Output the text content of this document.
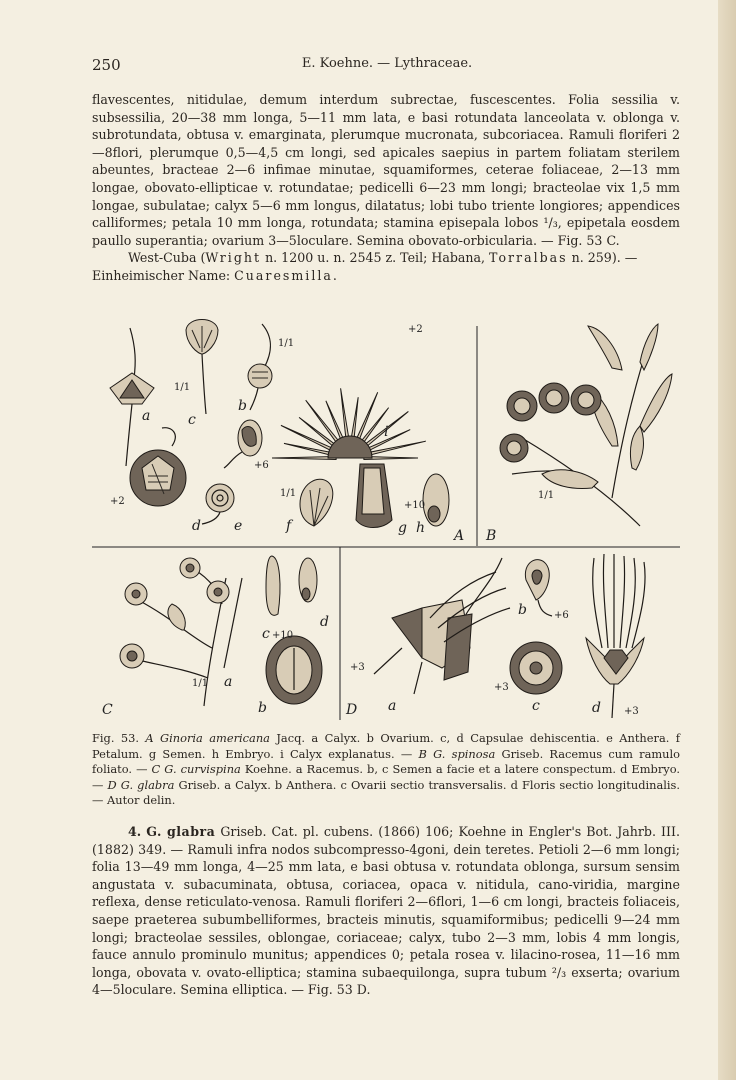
250	E. Koehne. — Lythraceae.

flavescentes, nitidulae, demum interdum subrectae, fuscescentes. Folia sessilia v. subsessilia, 20—38 mm longa, 5—11 mm lata, e basi rotundata lanceolata v. oblonga v. subrotundata, obtusa v. emarginata, plerumque mucronata, subcoriacea. Ramuli floriferi 2—8flori, plerumque 0,5—4,5 cm longi, sed apicales saepius in partem foliatam sterilem abeuntes, bracteae 2—6 infimae minutae, squamiformes, ceterae foliaceae, 2—13 mm longae, obovato-ellipticae v. rotundatae; pedicelli 6—23 mm longi; bracteolae vix 1,5 mm longae, subulatae; calyx 5—6 mm longus, dilatatus; lobi tubo triente longiores; appendices calliformes; petala 10 mm longa, rotundata; stamina episepala lobos ¹/₃, epipetala eosdem paullo superantia; ovarium 3—5loculare. Semina obovato-orbicularia. — Fig. 53 C.

West-Cuba (Wright n. 1200 u. n. 2545 z. Teil; Habana, Torralbas n. 259). —

Einheimischer Name: Cuaresmilla.

a	c
b
i
d e	f	g h A
+2
1/1
1/1
+2
+6
1/1
+10
1/1
B
1/1 a
c +10
d
b
C
+3
a
D
b	+6
+3
c	d +3
Fig. 53. A Ginoria americana Jacq. a Calyx. b Ovarium. c, d Capsulae dehiscentia. e Anthera. f Petalum. g Semen. h Embryo. i Calyx explanatus. — B G. spinosa Griseb. Racemus cum ramulo foliato. — C G. curvispina Koehne. a Racemus. b, c Semen a facie et a latere conspectum. d Embryo. — D G. glabra Griseb. a Calyx. b Anthera. c Ovarii sectio transversalis. d Floris sectio longitudinalis. — Autor delin.

4. G. glabra Griseb. Cat. pl. cubens. (1866) 106; Koehne in Engler's Bot. Jahrb. III. (1882) 349. — Ramuli infra nodos subcompresso-4goni, dein teretes. Petioli 2—6 mm longi; folia 13—49 mm longa, 4—25 mm lata, e basi obtusa v. rotundata oblonga, sursum sensim angustata v. subacuminata, obtusa, coriacea, opaca v. nitidula, cano-viridia, margine reflexa, dense reticulato-venosa. Ramuli floriferi 2—6flori, 1—6 cm longi, bracteis foliaceis, saepe praeterea subumbelliformes, bracteis minutis, squamiformibus; pedicelli 9—24 mm longi; bracteolae sessiles, oblongae, coriaceae; calyx, tubo 2—3 mm, lobis 4 mm longis, fauce annulo prominulo munitus; appendices 0; petala rosea v. lilacino-rosea, 11—16 mm longa, obovata v. ovato-elliptica; stamina subaequilonga, supra tubum ²/₃ exserta; ovarium 4—5loculare. Semina elliptica. — Fig. 53 D.
